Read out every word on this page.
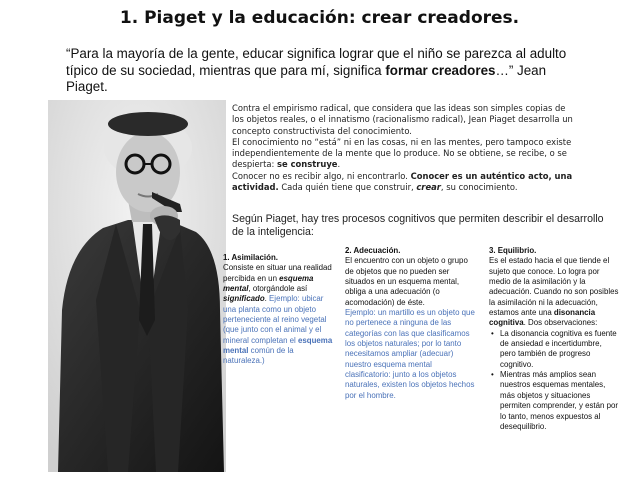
1. Piaget y la educación: crear creadores.
“Para la mayoría de la gente, educar significa lograr que el niño se parezca al adulto típico de su sociedad, mientras que para mí, significa formar creadores…” Jean Piaget.

Contra el empirismo radical, que considera que las ideas son simples copias de los objetos reales, o el innatismo (racionalismo radical), Jean Piaget desarrolla un concepto constructivista del conocimiento.

El conocimiento no “está” ni en las cosas, ni en las mentes, pero tampoco existe independientemente de la mente que lo produce. No se obtiene, se recibe, o se despierta: se construye.

Conocer no es recibir algo, ni encontrarlo. Conocer es un auténtico acto, una actividad. Cada quién tiene que construir, crear, su conocimiento.

Según Piaget, hay tres procesos cognitivos que permiten describir el desarrollo de la inteligencia:
1. Asimilación.
Consiste en situar una realidad percibida en un esquema mental, otorgándole así significado. Ejemplo: ubicar una planta como un objeto perteneciente al reino vegetal (que junto con el animal y el mineral completan el esquema mental común de la naturaleza.)
2. Adecuación.
El encuentro con un objeto o grupo de objetos que no pueden ser situados en un esquema mental, obliga a una adecuación (o acomodación) de éste.
Ejemplo: un martillo es un objeto que no pertenece a ninguna de las categorías con las que clasificamos los objetos naturales; por lo tanto necesitamos ampliar (adecuar) nuestro esquema mental clasificatorio: junto a los objetos naturales, existen los objetos hechos por el hombre.
3. Equilibrio.
Es el estado hacia el que tiende el sujeto que conoce. Lo logra por medio de la asimilación y la adecuación. Cuando no son posibles la asimilación ni la adecuación, estamos ante una disonancia cognitiva. Dos observaciones:
• La disonancia cognitiva es fuente de ansiedad e incertidumbre, pero también de progreso cognitivo.
• Mientras más amplios sean nuestros esquemas mentales, más objetos y situaciones permiten comprender, y están por lo tanto, menos expuestos al desequilibrio.
